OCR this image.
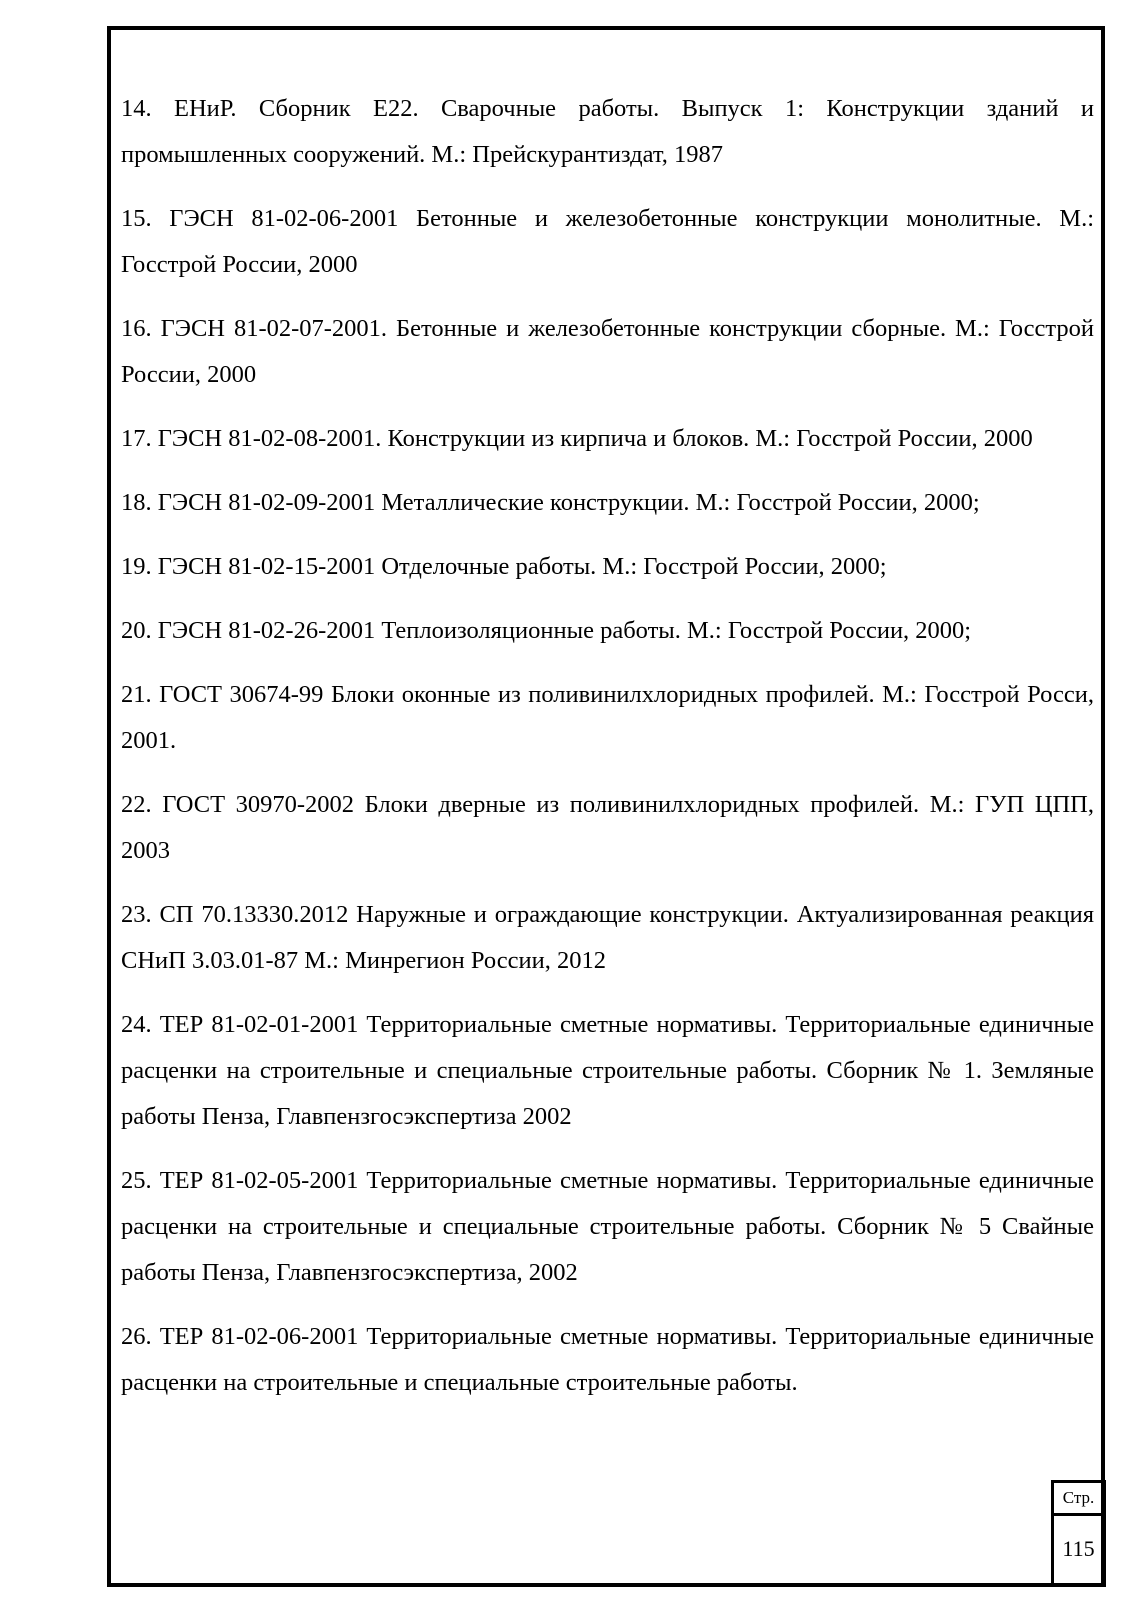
14. ЕНиР. Сборник Е22. Сварочные работы. Выпуск 1: Конструкции зданий и промышленных сооружений. М.: Прейскурантиздат, 1987

15. ГЭСН 81-02-06-2001 Бетонные и железобетонные конструкции монолитные. М.: Госстрой России, 2000

16. ГЭСН 81-02-07-2001. Бетонные и железобетонные конструкции сборные. М.: Госстрой России, 2000

17. ГЭСН 81-02-08-2001. Конструкции из кирпича и блоков. М.: Госстрой России, 2000

18. ГЭСН 81-02-09-2001 Металлические конструкции. М.: Госстрой России, 2000;

19. ГЭСН 81-02-15-2001 Отделочные работы. М.: Госстрой России, 2000;

20. ГЭСН 81-02-26-2001 Теплоизоляционные работы. М.: Госстрой России, 2000;

21. ГОСТ 30674-99 Блоки оконные из поливинилхлоридных профилей. М.: Госстрой Росси, 2001.

22. ГОСТ 30970-2002 Блоки дверные из поливинилхлоридных профилей. М.: ГУП ЦПП, 2003

23. СП 70.13330.2012 Наружные и ограждающие конструкции. Актуализированная реакция СНиП 3.03.01-87 М.: Минрегион России, 2012

24. ТЕР 81-02-01-2001 Территориальные сметные нормативы. Территориальные единичные расценки на строительные и специальные строительные работы. Сборник № 1. Земляные работы Пенза, Главпензгосэкспертиза 2002

25. ТЕР 81-02-05-2001 Территориальные сметные нормативы. Территориальные единичные расценки на строительные и специальные строительные работы. Сборник № 5 Свайные работы Пенза, Главпензгосэкспертиза, 2002

26. ТЕР 81-02-06-2001 Территориальные сметные нормативы. Территориальные единичные расценки на строительные и специальные строительные работы.

Стр.
115
